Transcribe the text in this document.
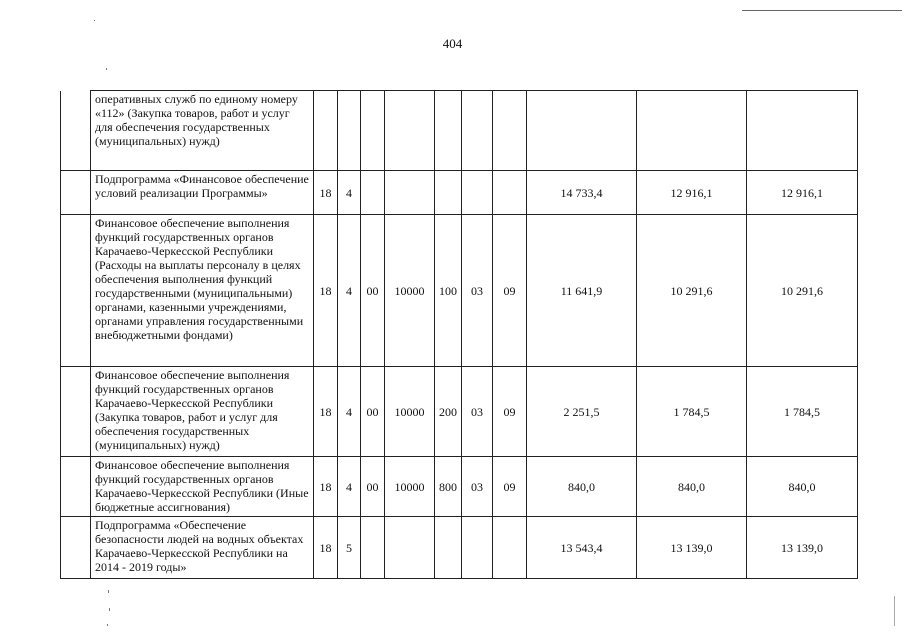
404
	оперативных служб по единому номеру «112» (Закупка товаров, работ и услуг для обеспечения государственных (муниципальных) нужд)										
	Подпрограмма «Финансовое обеспечение условий реализации Программы»	18	4						14 733,4	12 916,1	12 916,1
	Финансовое обеспечение выполнения функций государственных органов Карачаево-Черкесской Республики (Расходы на выплаты персоналу в целях обеспечения выполнения функций государственными (муниципальными) органами, казенными учреждениями, органами управления государственными внебюджетными фондами)	18	4	00	10000	100	03	09	11 641,9	10 291,6	10 291,6
	Финансовое обеспечение выполнения функций государственных органов Карачаево-Черкесской Республики (Закупка товаров, работ и услуг для обеспечения государственных (муниципальных) нужд)	18	4	00	10000	200	03	09	2 251,5	1 784,5	1 784,5
	Финансовое обеспечение выполнения функций государственных органов Карачаево-Черкесской Республики (Иные бюджетные ассигнования)	18	4	00	10000	800	03	09	840,0	840,0	840,0
	Подпрограмма «Обеспечение безопасности людей на водных объектах Карачаево-Черкесской Республики на 2014 - 2019 годы»	18	5						13 543,4	13 139,0	13 139,0
